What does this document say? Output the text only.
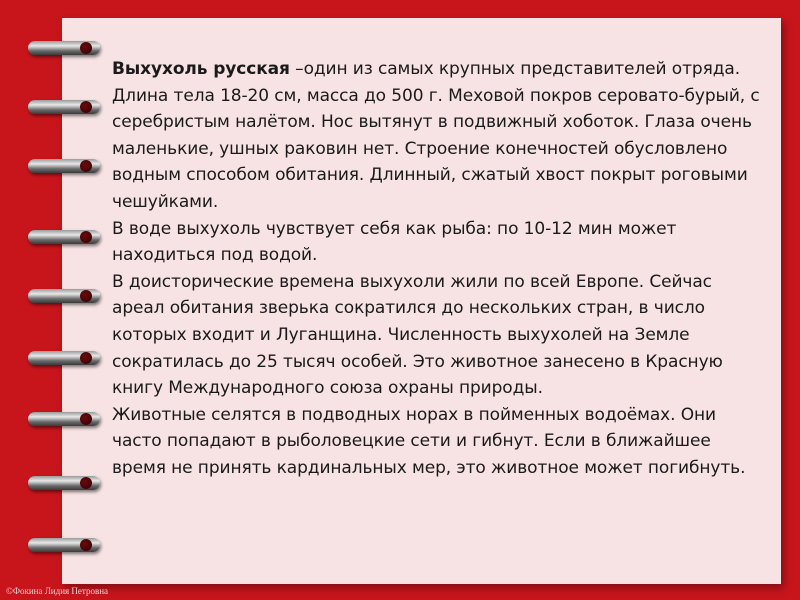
Выхухоль русская –один из самых крупных представителей отряда. Длина тела 18-20 см, масса до 500 г. Меховой покров серовато-бурый, с серебристым налётом. Нос вытянут в подвижный хоботок. Глаза очень маленькие, ушных раковин нет. Строение конечностей обусловлено водным способом обитания. Длинный, сжатый хвост покрыт роговыми чешуйками.

В воде выхухоль чувствует себя как рыба: по 10-12 мин может находиться под водой.

В доисторические времена выхухоли жили по всей Европе. Сейчас ареал обитания зверька сократился до нескольких стран, в число которых входит и Луганщина. Численность выхухолей на Земле сократилась до 25 тысяч особей. Это животное занесено в Красную книгу Международного союза охраны природы.

Животные селятся в подводных норах в пойменных водоёмах. Они часто попадают в рыболовецкие сети и гибнут. Если в ближайшее время не принять кардинальных мер, это животное может погибнуть.

©Фокина Лидия Петровна
